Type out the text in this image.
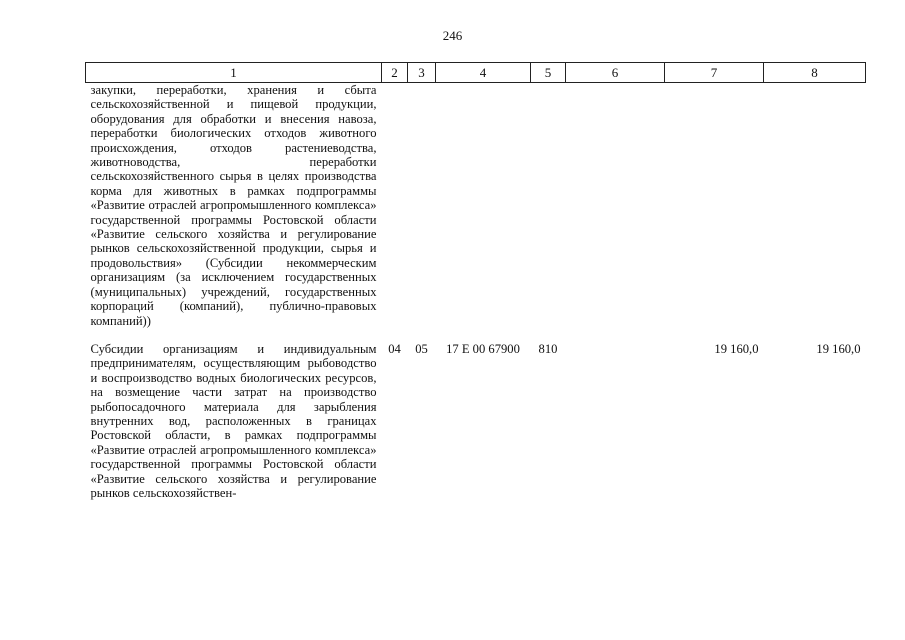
246
1	2	3	4	5	6	7	8
закупки, переработки, хранения и сбыта сельскохозяйственной и пищевой продукции, оборудования для обработки и внесения навоза, переработки биологических отходов животного происхождения, отходов растениеводства, животноводства, переработки сельскохозяйственного сырья в целях производства корма для животных в рамках подпрограммы «Развитие отраслей агропромышленного комплекса» государственной программы Ростовской области «Развитие сельского хозяйства и регулирование рынков сельскохозяйственной продукции, сырья и продовольствия» (Субсидии некоммерческим организациям (за исключением государственных (муниципальных) учреждений, государственных корпораций (компаний), публично-правовых компаний))							
Субсидии организациям и индивидуальным предпринимателям, осуществляющим рыбоводство и воспроизводство водных биологических ресурсов, на возмещение части затрат на производство рыбопосадочного материала для зарыбления внутренних вод, расположенных в границах Ростовской области, в рамках подпрограммы «Развитие отраслей агропромышленного комплекса» государственной программы Ростовской области «Развитие сельского хозяйства и регулирование рынков сельскохозяйствен-	04	05	17 Е 00 67900	810		19 160,0	19 160,0
